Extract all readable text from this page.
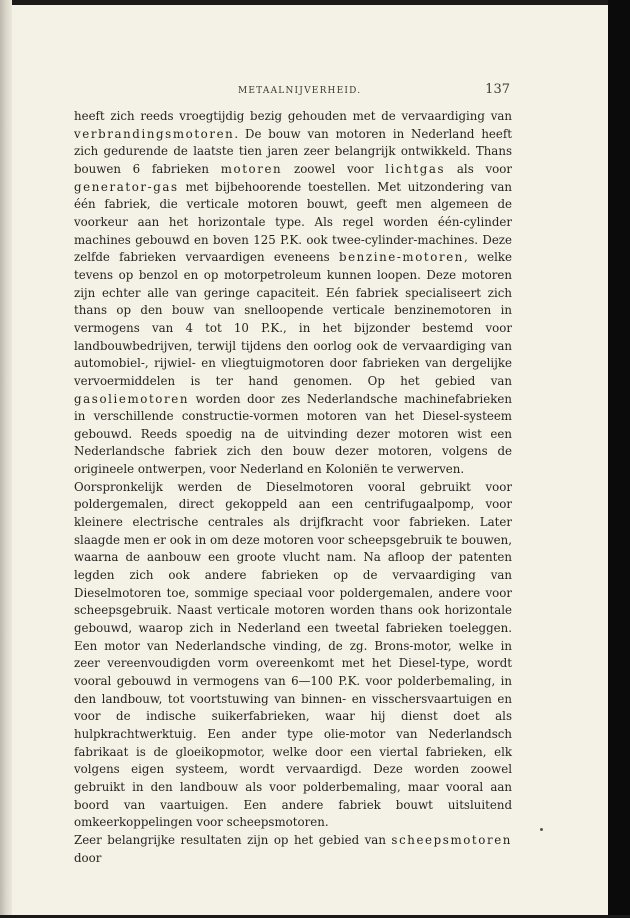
METAALNIJVERHEID.	137

heeft zich reeds vroegtijdig bezig gehouden met de vervaardiging van verbrandingsmotoren. De bouw van motoren in Nederland heeft zich gedurende de laatste tien jaren zeer belangrijk ontwikkeld. Thans bouwen 6 fabrieken motoren zoowel voor lichtgas als voor generator-gas met bijbehoorende toestellen. Met uitzondering van één fabriek, die verticale motoren bouwt, geeft men algemeen de voorkeur aan het horizontale type. Als regel worden één-cylinder machines gebouwd en boven 125 P.K. ook twee-cylinder-machines. Deze zelfde fabrieken vervaardigen eveneens benzine-motoren, welke tevens op benzol en op motorpetroleum kunnen loopen. Deze motoren zijn echter alle van geringe capaciteit. Eén fabriek specialiseert zich thans op den bouw van snelloopende verticale benzinemotoren in vermogens van 4 tot 10 P.K., in het bijzonder bestemd voor landbouwbedrijven, terwijl tijdens den oorlog ook de vervaardiging van automobiel-, rijwiel- en vliegtuigmotoren door fabrieken van dergelijke vervoermiddelen is ter hand genomen. Op het gebied van gasoliemotoren worden door zes Nederlandsche machinefabrieken in verschillende constructie-vormen motoren van het Diesel-systeem gebouwd. Reeds spoedig na de uitvinding dezer motoren wist een Nederlandsche fabriek zich den bouw dezer motoren, volgens de origineele ontwerpen, voor Nederland en Koloniën te verwerven.

Oorspronkelijk werden de Dieselmotoren vooral gebruikt voor poldergemalen, direct gekoppeld aan een centrifugaalpomp, voor kleinere electrische centrales als drijfkracht voor fabrieken. Later slaagde men er ook in om deze motoren voor scheepsgebruik te bouwen, waarna de aanbouw een groote vlucht nam. Na afloop der patenten legden zich ook andere fabrieken op de vervaardiging van Dieselmotoren toe, sommige speciaal voor poldergemalen, andere voor scheepsgebruik. Naast verticale motoren worden thans ook horizontale gebouwd, waarop zich in Nederland een tweetal fabrieken toeleggen. Een motor van Nederlandsche vinding, de zg. Brons-motor, welke in zeer vereenvoudigden vorm overeenkomt met het Diesel-type, wordt vooral gebouwd in vermogens van 6—100 P.K. voor polderbemaling, in den landbouw, tot voortstuwing van binnen- en visschersvaartuigen en voor de indische suikerfabrieken, waar hij dienst doet als hulpkrachtwerktuig. Een ander type olie-motor van Nederlandsch fabrikaat is de gloeikopmotor, welke door een viertal fabrieken, elk volgens eigen systeem, wordt vervaardigd. Deze worden zoowel gebruikt in den landbouw als voor polderbemaling, maar vooral aan boord van vaartuigen. Een andere fabriek bouwt uitsluitend omkeerkoppelingen voor scheepsmotoren.

Zeer belangrijke resultaten zijn op het gebied van scheepsmotoren door
